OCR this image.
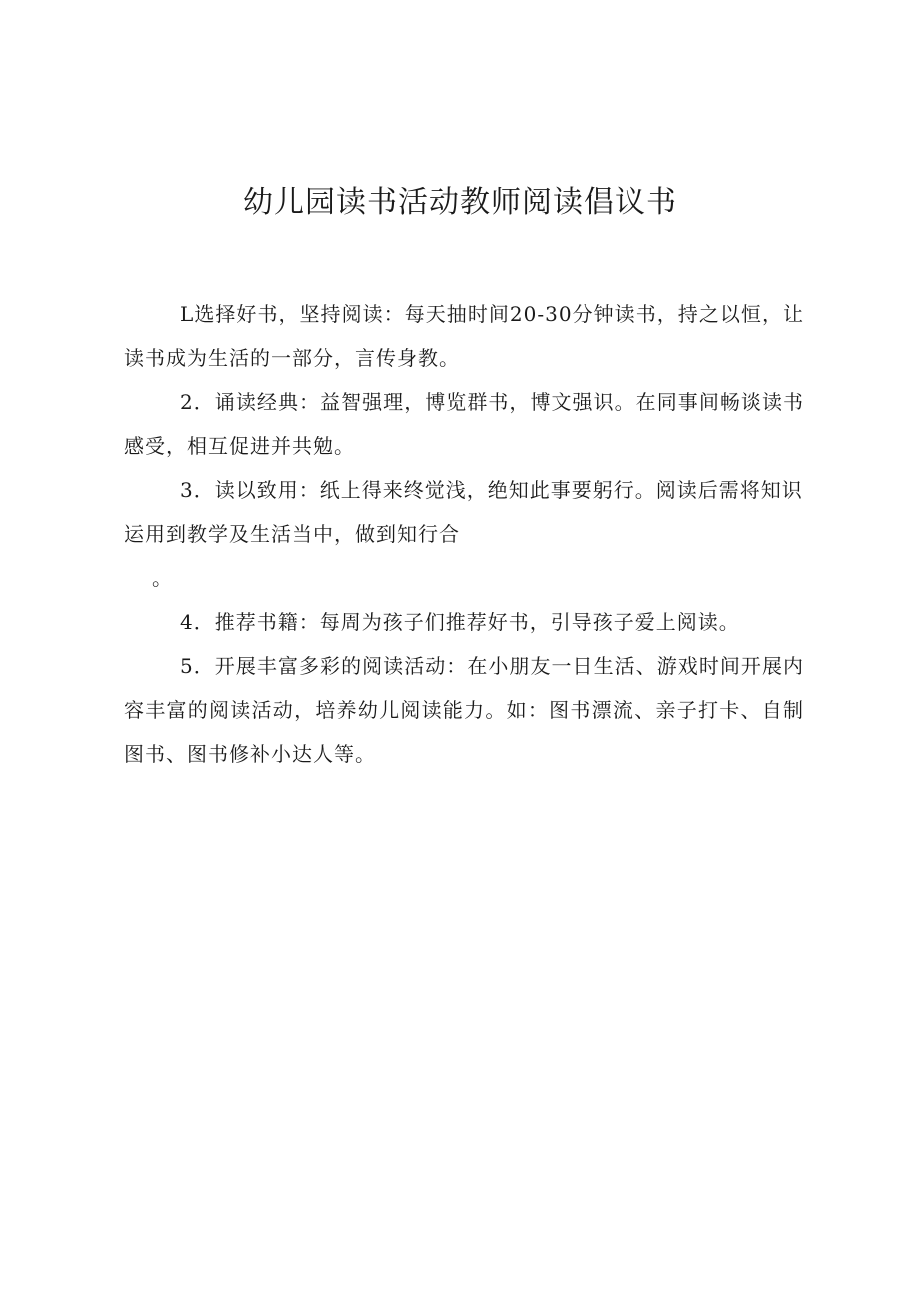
幼儿园读书活动教师阅读倡议书

L选择好书，坚持阅读：每天抽时间20-30分钟读书，持之以恒，让读书成为生活的一部分，言传身教。

2．诵读经典：益智强理，博览群书，博文强识。在同事间畅谈读书感受，相互促进并共勉。

3．读以致用：纸上得来终觉浅，绝知此事要躬行。阅读后需将知识运用到教学及生活当中，做到知行合

。

4．推荐书籍：每周为孩子们推荐好书，引导孩子爱上阅读。

5．开展丰富多彩的阅读活动：在小朋友一日生活、游戏时间开展内容丰富的阅读活动，培养幼儿阅读能力。如：图书漂流、亲子打卡、自制图书、图书修补小达人等。
